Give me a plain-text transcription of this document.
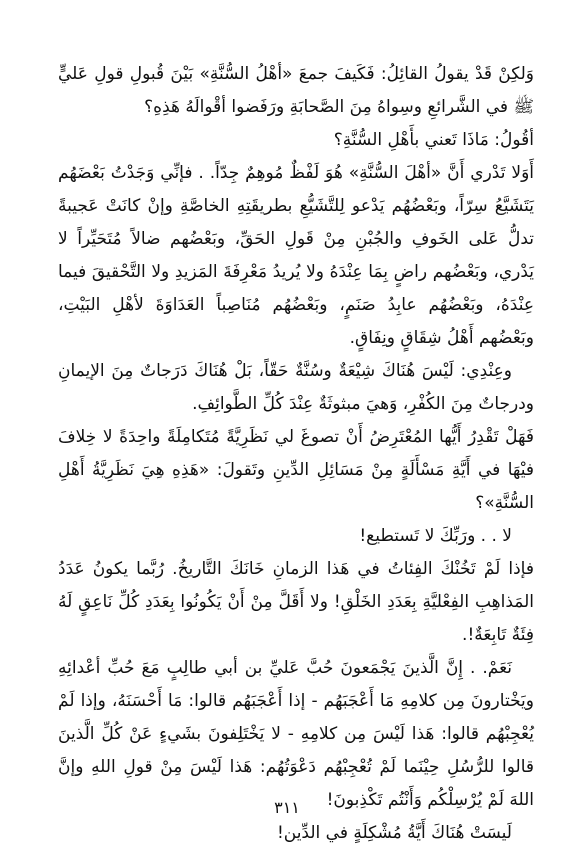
وَلكِنْ قَدْ يقولُ القائِلُ: فَكَيفَ جمعَ «أهْلُ السُّنَّةِ» بَيْنَ قُبولِ قولِ عَليٍّ ﷺ في الشَّرائعِ وسِواهُ مِنَ الصَّحابَةِ ورَفَضوا أقْوالَهُ هَذِهِ؟

أقُولُ: مَاذَا تَعني بأَهْلِ السُّنَّةِ؟

أَوَلا تَدْري أَنَّ «أهْلَ السُّنَّةِ» هُوَ لَفْظٌ مُوهِمٌ جِدّاً. . فإنِّي وَجَدْتُ بَعْضَهُم يَتَشَيَّعُ سِرّاً، وبَعْضُهُم يَدْعو لِلتَّشَيُّعِ بطريقَتِهِ الخاصَّةِ وإنْ كانَتْ عَجيبةً تدلُّ عَلى الخَوفِ والجُبْنِ مِنْ قَولِ الحَقِّ، وبَعْضُهم ضالاً مُتَحَيِّراً لا يَدْري، وبَعْضُهم راضٍ بِمَا عِنْدَهُ ولا يُريدُ مَعْرِفَةَ المَزيدِ ولا التَّحْقيقَ فيما عِنْدَهُ، وبَعْضُهُم عابِدُ صَنَمٍ، وبَعْضُهُم مُنَاصِباً العَدَاوَةَ لأهْلِ البَيْتِ، وبَعْضُهم أَهْلُ شِقَاقٍ ونِفَاقٍ.

وعِنْدِي: لَيْسَ هُنَاكَ شِيْعَةٌ وسُنَّةٌ حَقّاً، بَلْ هُنَاكَ دَرَجاتٌ مِنَ الإيمانِ ودرجاتٌ مِنَ الكُفْرِ، وَهيَ مبثوثَةٌ عِنْدَ كُلِّ الطَّوائِفِ.

فَهَلْ تَقْدِرُ أَيُّها المُعْتَرِضُ أَنْ تصوغَ لي نَظَرِيَّةً مُتَكامِلَةً واحِدَةً لا خِلافَ فيْهَا في أَيَّةِ مَسْأَلَةٍ مِنْ مَسَائِلِ الدِّينِ وتَقولَ: «هَذِهِ هِيَ نَظَرِيَّةُ أَهْلِ السُّنَّةِ»؟

لا . . ورَبِّكَ لا تَستطيع!

فإذا لَمْ تَخُنْكَ الفِئاتُ في هَذا الزمانِ خَانَكَ التَّاريخُ. رُبَّما يكونُ عَدَدُ المَذاهِبِ الفِعْليَّةِ بِعَدَدِ الخَلْقِ! ولا أَقَلَّ مِنْ أَنْ يَكُونُوا بِعَدَدِ كُلِّ نَاعِقٍ لَهُ فِئَةٌ تَابِعَةٌ!.

نَعَمْ. . إِنَّ الَّذينَ يَجْمَعونَ حُبَّ عَليِّ بن أبي طالِبٍ مَعَ حُبِّ أعْدائِهِ ويَخْتارونَ مِن كلامِهِ مَا أَعْجَبَهُم - إذا أَعْجَبَهُم قالوا: مَا أَحْسَنَهُ، وإذا لَمْ يُعْجِبْهُم قالوا: هَذا لَيْسَ مِن كلامِهِ - لا يَخْتَلِفونَ بشَيءٍ عَنْ كُلِّ الَّذينَ قالوا للرُّسُلِ حِيْنَما لَمْ تُعْجِبْهُم دَعْوَتُهُم: هَذا لَيْسَ مِنْ قولِ اللهِ وإنَّ اللهَ لَمْ يُرْسِلْكُم وَأَنْتُم تَكْذِبونَ!

لَيسَتْ هُنَاكَ أَيَّةُ مُشْكِلَةٍ في الدِّين!

٣١١
